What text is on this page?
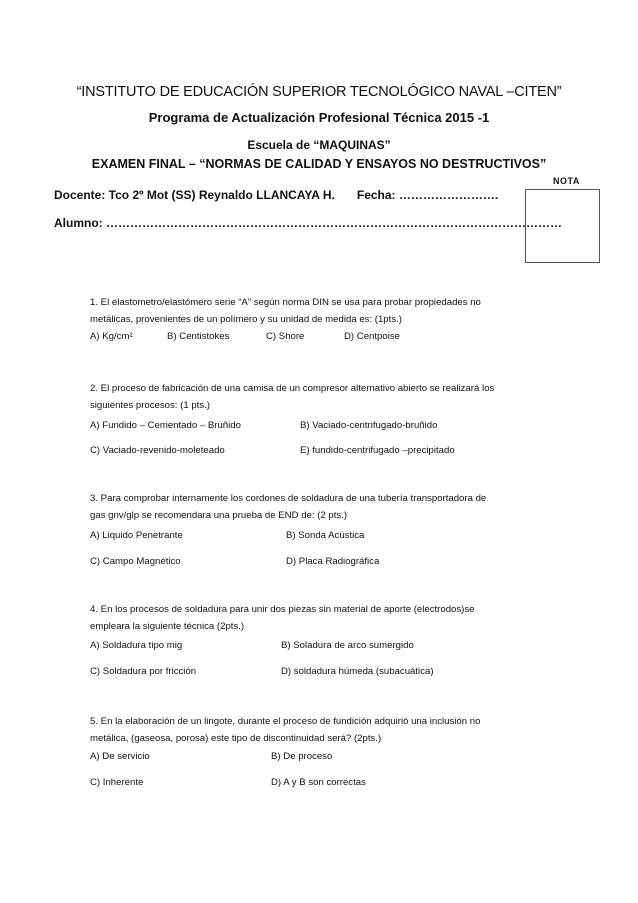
“INSTITUTO DE EDUCACIÓN SUPERIOR TECNOLÓGICO NAVAL –CITEN”
Programa de Actualización Profesional Técnica 2015 -1
Escuela de “MAQUINAS”
EXAMEN FINAL – “NORMAS DE CALIDAD Y ENSAYOS NO DESTRUCTIVOS”
Docente: Tco 2º Mot (SS) Reynaldo LLANCAYA H. Fecha: …………………….
Alumno: ……………………………………………………………………………………………………
NOTA

1. El elastometro/elastómero serie “A” según norma DIN se usa para probar propiedades no

metálicas, provenientes de un polímero y su unidad de medida es: (1pts.)

A) Kg/cm²	B) Centistokes	C) Shore	D) Centpoise

2. El proceso de fabricación de una camisa de un compresor alternativo abierto se realizará los

siguientes procesos: (1 pts.)

A) Fundido – Cementado – Bruñido	B) Vaciado-centrifugado-bruñido
C) Vaciado-revenido-moleteado	E) fundido-centrifugado –precipitado

3. Para comprobar internamente los cordones de soldadura de una tubería transportadora de

gas gnv/glp se recomendara una prueba de END de: (2 pts.)

A) Liquido Penetrante	B) Sonda Acústica
C) Campo Magnético	D) Placa Radiográfica

4. En los procesos de soldadura para unir dos piezas sin material de aporte (electrodos)se

empleara la siguiente técnica (2pts.)

A) Soldadura tipo mig	B) Soladura de arco sumergido
C) Soldadura por fricción	D) soldadura húmeda (subacuática)

5. En la elaboración de un lingote, durante el proceso de fundición adquirió una inclusión no

metálica, (gaseosa, porosa) este tipo de discontinuidad será? (2pts.)

A) De servicio	B) De proceso
C) Inherente	D) A y B son correctas
